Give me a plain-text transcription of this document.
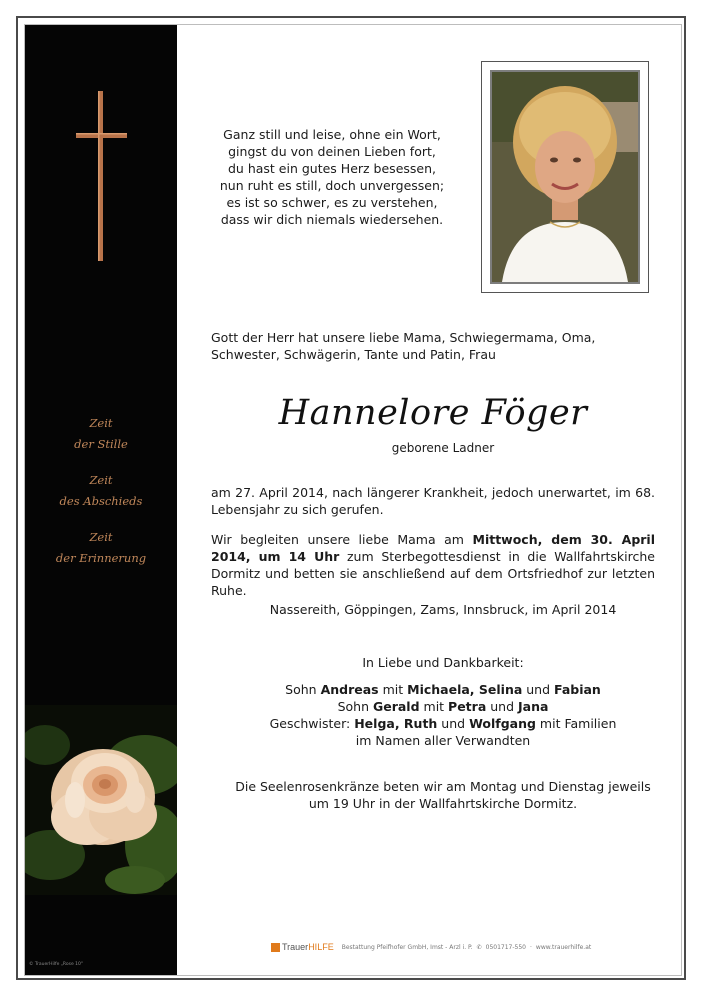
Zeit
der Stille
Zeit
des Abschieds
Zeit
der Erinnerung
© TrauerHilfe „Rose 10"
Ganz still und leise, ohne ein Wort,
gingst du von deinen Lieben fort,
du hast ein gutes Herz besessen,
nun ruht es still, doch unvergessen;
es ist so schwer, es zu verstehen,
dass wir dich niemals wiedersehen.
Gott der Herr hat unsere liebe Mama, Schwiegermama, Oma, Schwester, Schwägerin, Tante und Patin, Frau
Hannelore Föger
geborene Ladner
am 27. April 2014, nach längerer Krankheit, jedoch unerwartet, im 68. Lebensjahr zu sich gerufen.
Wir begleiten unsere liebe Mama am Mittwoch, dem 30. April 2014, um 14 Uhr zum Sterbegottesdienst in die Wallfahrtskirche Dormitz und betten sie anschließend auf dem Ortsfriedhof zur letzten Ruhe.
Nassereith, Göppingen, Zams, Innsbruck, im April 2014
In Liebe und Dankbarkeit:
Sohn Andreas mit Michaela, Selina und Fabian
Sohn Gerald mit Petra und Jana
Geschwister: Helga, Ruth und Wolfgang mit Familien
im Namen aller Verwandten
Die Seelenrosenkränze beten wir am Montag und Dienstag jeweils
um 19 Uhr in der Wallfahrtskirche Dormitz.
Trauer HILFE Bestattung Pfeifhofer GmbH, Imst - Arzl i. P. ✆ 0501717-550 · www.trauerhilfe.at
